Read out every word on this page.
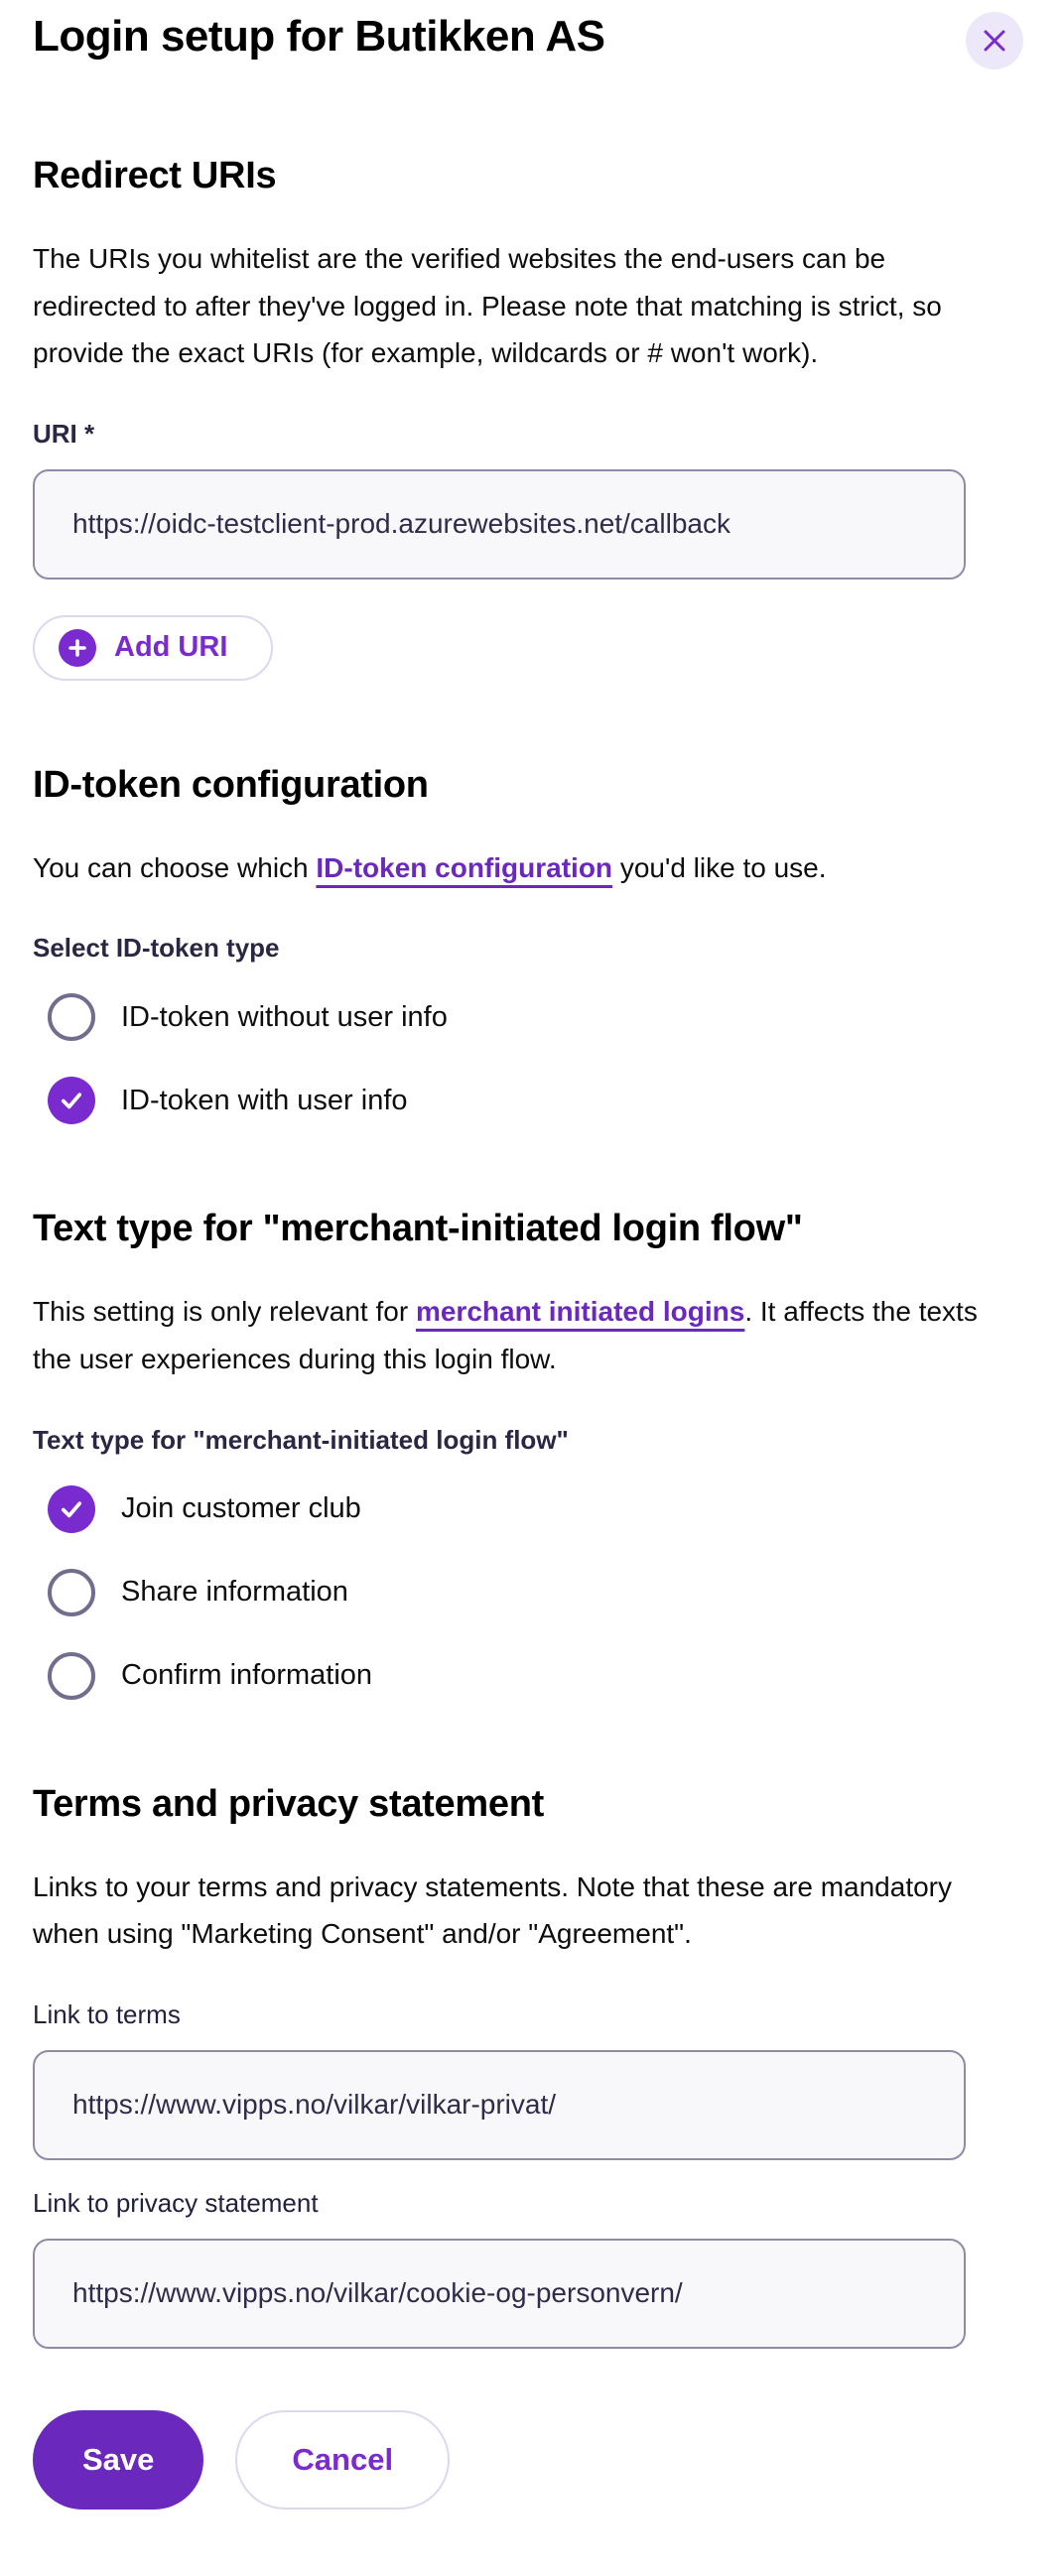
Login setup for Butikken AS
Redirect URIs

The URIs you whitelist are the verified websites the end-users can be redirected to after they've logged in. Please note that matching is strict, so provide the exact URIs (for example, wildcards or # won't work).

URI *
https://oidc-testclient-prod.azurewebsites.net/callback
Add URI
ID-token configuration

You can choose which ID-token configuration you'd like to use.

Select ID-token type
ID-token without user info
ID-token with user info
Text type for "merchant-initiated login flow"

This setting is only relevant for merchant initiated logins. It affects the texts the user experiences during this login flow.

Text type for "merchant-initiated login flow"
Join customer club
Share information
Confirm information
Terms and privacy statement

Links to your terms and privacy statements. Note that these are mandatory when using "Marketing Consent" and/or "Agreement".

Link to terms
https://www.vipps.no/vilkar/vilkar-privat/
Link to privacy statement
https://www.vipps.no/vilkar/cookie-og-personvern/
Save	Cancel
